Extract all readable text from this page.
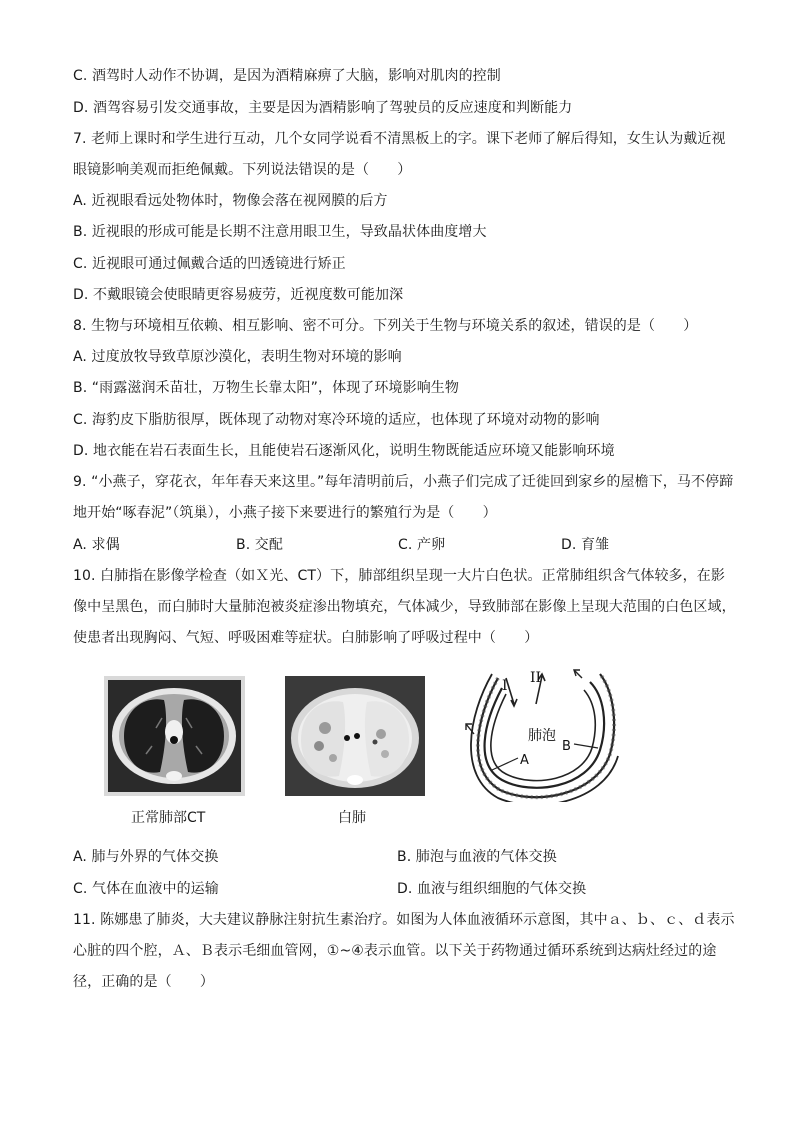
C. 酒驾时人动作不协调，是因为酒精麻痹了大脑，影响对肌肉的控制
D. 酒驾容易引发交通事故，主要是因为酒精影响了驾驶员的反应速度和判断能力
7. 老师上课时和学生进行互动，几个女同学说看不清黑板上的字。课下老师了解后得知，女生认为戴近视
眼镜影响美观而拒绝佩戴。下列说法错误的是（　　）
A. 近视眼看远处物体时，物像会落在视网膜的后方
B. 近视眼的形成可能是长期不注意用眼卫生，导致晶状体曲度增大
C. 近视眼可通过佩戴合适的凹透镜进行矫正
D. 不戴眼镜会使眼睛更容易疲劳，近视度数可能加深
8. 生物与环境相互依赖、相互影响、密不可分。下列关于生物与环境关系的叙述，错误的是（　　）
A. 过度放牧导致草原沙漠化，表明生物对环境的影响
B. “雨露滋润禾苗壮，万物生长靠太阳”，体现了环境影响生物
C. 海豹皮下脂肪很厚，既体现了动物对寒冷环境的适应，也体现了环境对动物的影响
D. 地衣能在岩石表面生长，且能使岩石逐渐风化，说明生物既能适应环境又能影响环境
9. “小燕子，穿花衣，年年春天来这里。”每年清明前后，小燕子们完成了迁徙回到家乡的屋檐下，马不停蹄
地开始“啄春泥”（筑巢），小燕子接下来要进行的繁殖行为是（　　）
A. 求偶	B. 交配	C. 产卵	D. 育雏
10. 白肺指在影像学检查（如Ｘ光、CT）下，肺部组织呈现一大片白色状。正常肺组织含气体较多，在影
像中呈黑色，而白肺时大量肺泡被炎症渗出物填充，气体减少，导致肺部在影像上呈现大范围的白色区域，
使患者出现胸闷、气短、呼吸困难等症状。白肺影响了呼吸过程中（　　）
正常肺部CT	白肺
I II
肺泡
A
B
A. 肺与外界的气体交换	B. 肺泡与血液的气体交换
C. 气体在血液中的运输	D. 血液与组织细胞的气体交换
11. 陈娜患了肺炎，大夫建议静脉注射抗生素治疗。如图为人体血液循环示意图，其中ａ、ｂ、ｃ、ｄ表示
心脏的四个腔，Ａ、Ｂ表示毛细血管网，①~④表示血管。以下关于药物通过循环系统到达病灶经过的途
径，正确的是（　　）
